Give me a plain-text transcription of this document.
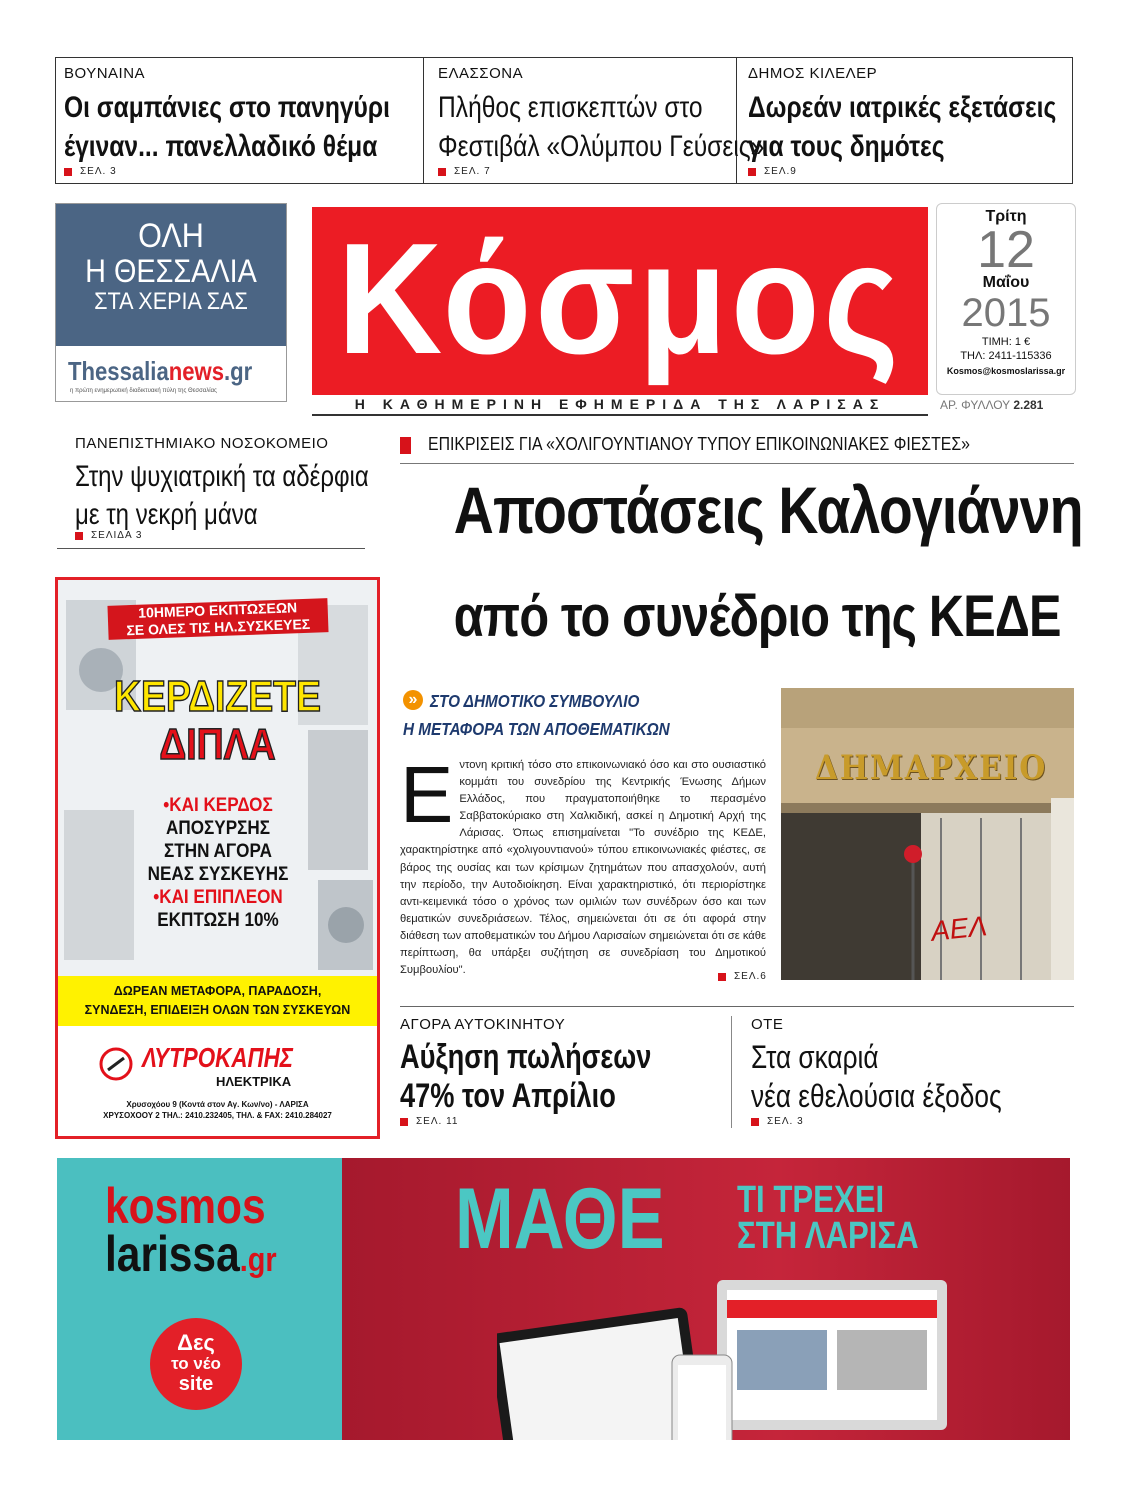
ΒΟΥΝΑΙΝΑ
Οι σαμπάνιες στο πανηγύρι
έγιναν... πανελλαδικό θέμα
ΣΕΛ. 3
ΕΛΑΣΣΟΝΑ
Πλήθος επισκεπτών στο
Φεστιβάλ «Ολύμπου Γεύσεις»
ΣΕΛ. 7
ΔΗΜΟΣ ΚΙΛΕΛΕΡ
Δωρεάν ιατρικές εξετάσεις
για τους δημότες
ΣΕΛ.9
ΟΛΗ
Η ΘΕΣΣΑΛΙΑ
ΣΤΑ ΧΕΡΙΑ ΣΑΣ
Thessalianews.gr
η πρώτη ενημερωτική διαδικτυακή πύλη της Θεσσαλίας
Κόσμος
Η ΚΑΘΗΜΕΡΙΝΗ ΕΦΗΜΕΡΙΔΑ ΤΗΣ ΛΑΡΙΣΑΣ
Τρίτη
12
Μαΐου
2015
ΤΙΜΗ: 1 €
ΤΗΛ: 2411-115336
Kosmos@kosmoslarissa.gr
ΑΡ. ΦΥΛΛΟΥ 2.281
ΠΑΝΕΠΙΣΤΗΜΙΑΚΟ ΝΟΣΟΚΟΜΕΙΟ
Στην ψυχιατρική τα αδέρφια
με τη νεκρή μάνα
ΣΕΛΙΔΑ 3
10ΗΜΕΡΟ ΕΚΠΤΩΣΕΩΝ
ΣΕ ΟΛΕΣ ΤΙΣ ΗΛ.ΣΥΣΚΕΥΕΣ
ΚΕΡΔΙΖΕΤΕ
ΔΙΠΛΑ
•ΚΑΙ ΚΕΡΔΟΣ
ΑΠΟΣΥΡΣΗΣ
ΣΤΗΝ ΑΓΟΡΑ
ΝΕΑΣ ΣΥΣΚΕΥΗΣ
•ΚΑΙ ΕΠΙΠΛΕΟΝ
ΕΚΠΤΩΣΗ 10%
ΔΩΡΕΑΝ ΜΕΤΑΦΟΡΑ, ΠΑΡΑΔΟΣΗ,
ΣΥΝΔΕΣΗ, ΕΠΙΔΕΙΞΗ ΟΛΩΝ ΤΩΝ ΣΥΣΚΕΥΩΝ
ΛΥΤΡΟΚΑΠΗΣ
ΗΛΕΚΤΡΙΚΑ
Χρυσοχόου 9 (Κοντά στον Αγ. Κων/νο) - ΛΑΡΙΣΑ
ΧΡΥΣΟΧΟΟΥ 2 ΤΗΛ.: 2410.232405, ΤΗΛ. & FAX: 2410.284027
ΕΠΙΚΡΙΣΕΙΣ ΓΙΑ «ΧΟΛΙΓΟΥΝΤΙΑΝΟΥ ΤΥΠΟΥ ΕΠΙΚΟΙΝΩΝΙΑΚΕΣ ΦΙΕΣΤΕΣ»
Αποστάσεις Καλογιάννη
από το συνέδριο της ΚΕΔΕ
» ΣΤΟ ΔΗΜΟΤΙΚΟ ΣΥΜΒΟΥΛΙΟ
Η ΜΕΤΑΦΟΡΑ ΤΩΝ ΑΠΟΘΕΜΑΤΙΚΩΝ
Ε ντονη κριτική τόσο στο επικοινωνιακό όσο και στο ουσιαστικό κομμάτι του συνεδρίου της Κεντρικής Ένωσης Δήμων Ελλάδος, που πραγματοποιήθηκε το περασμένο Σαββατοκύριακο στη Χαλκιδική, ασκεί η Δημοτική Αρχή της Λάρισας. Όπως επισημαίνεται "Το συνέδριο της ΚΕΔΕ, χαρακτηρίστηκε από «χολιγουντιανού» τύπου επικοινωνιακές φιέστες, σε βάρος της ουσίας και των κρίσιμων ζητημάτων που απασχολούν, αυτή την περίοδο, την Αυτοδιοίκηση. Είναι χαρακτηριστικό, ότι περιορίστηκε αντι-κειμενικά τόσο ο χρόνος των ομιλιών των συνέδρων όσο και των θεματικών συνεδριάσεων. Τέλος, σημειώνεται ότι σε ότι αφορά στην διάθεση των αποθεματικών του Δήμου Λαρισαίων σημειώνεται ότι σε κάθε περίπτωση, θα υπάρξει συζήτηση σε συνεδρίαση του Δημοτικού Συμβουλίου".
ΣΕΛ.6
ΔΗΜΑΡΧΕΙΟ
ΑΕΛ
ΑΓΟΡΑ ΑΥΤΟΚΙΝΗΤΟΥ
Αύξηση πωλήσεων
47% τον Απρίλιο
ΣΕΛ. 11
ΟΤΕ
Στα σκαριά
νέα εθελούσια έξοδος
ΣΕΛ. 3
kosmos
larissa.gr
Δες
το νέο
site
ΜΑΘΕ ΤΙ ΤΡΕΧΕΙ
ΣΤΗ ΛΑΡΙΣΑ
